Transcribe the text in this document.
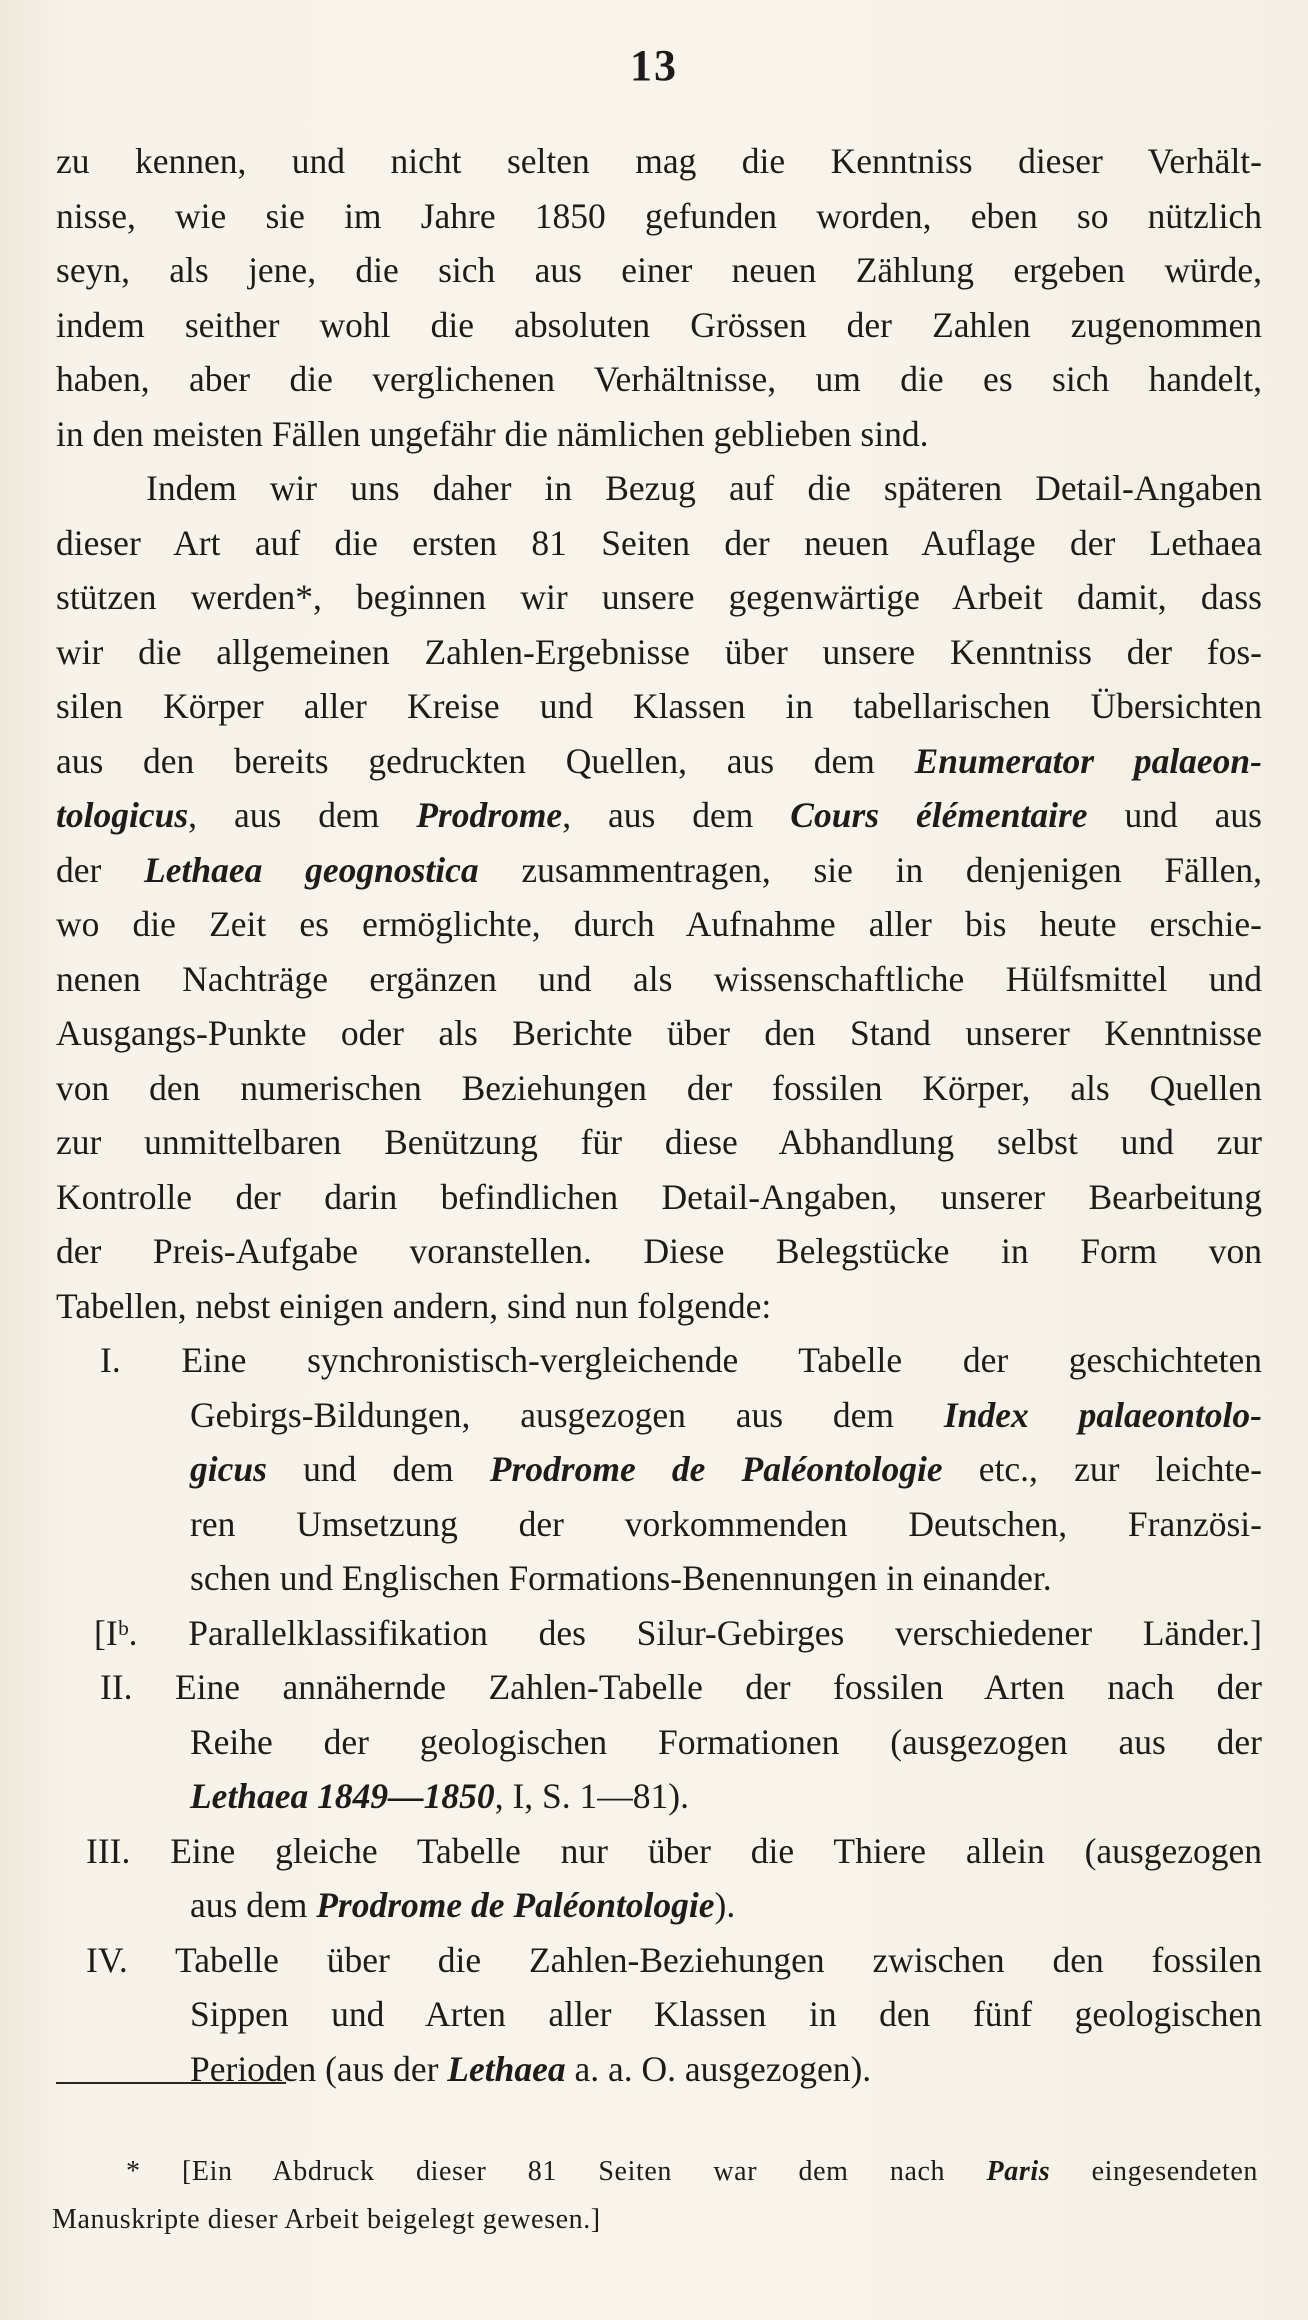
13
zu kennen, und nicht selten mag die Kenntniss dieser Verhält-
nisse, wie sie im Jahre 1850 gefunden worden, eben so nützlich
seyn, als jene, die sich aus einer neuen Zählung ergeben würde,
indem seither wohl die absoluten Grössen der Zahlen zugenommen
haben, aber die verglichenen Verhältnisse, um die es sich handelt,
in den meisten Fällen ungefähr die nämlichen geblieben sind.
Indem wir uns daher in Bezug auf die späteren Detail-Angaben
dieser Art auf die ersten 81 Seiten der neuen Auflage der Lethaea
stützen werden*, beginnen wir unsere gegenwärtige Arbeit damit, dass
wir die allgemeinen Zahlen-Ergebnisse über unsere Kenntniss der fos-
silen Körper aller Kreise und Klassen in tabellarischen Übersichten
aus den bereits gedruckten Quellen, aus dem Enumerator palaeon-
tologicus, aus dem Prodrome, aus dem Cours élémentaire und aus
der Lethaea geognostica zusammentragen, sie in denjenigen Fällen,
wo die Zeit es ermöglichte, durch Aufnahme aller bis heute erschie-
nenen Nachträge ergänzen und als wissenschaftliche Hülfsmittel und
Ausgangs-Punkte oder als Berichte über den Stand unserer Kenntnisse
von den numerischen Beziehungen der fossilen Körper, als Quellen
zur unmittelbaren Benützung für diese Abhandlung selbst und zur
Kontrolle der darin befindlichen Detail-Angaben, unserer Bearbeitung
der Preis-Aufgabe voranstellen. Diese Belegstücke in Form von
Tabellen, nebst einigen andern, sind nun folgende:
I. Eine synchronistisch-vergleichende Tabelle der geschichteten
Gebirgs-Bildungen, ausgezogen aus dem Index palaeontolo-
gicus und dem Prodrome de Paléontologie etc., zur leichte-
ren Umsetzung der vorkommenden Deutschen, Französi-
schen und Englischen Formations-Benennungen in einander.
[Iᵇ. Parallelklassifikation des Silur-Gebirges verschiedener Länder.]
II. Eine annähernde Zahlen-Tabelle der fossilen Arten nach der
Reihe der geologischen Formationen (ausgezogen aus der
Lethaea 1849—1850, I, S. 1—81).
III. Eine gleiche Tabelle nur über die Thiere allein (ausgezogen
aus dem Prodrome de Paléontologie).
IV. Tabelle über die Zahlen-Beziehungen zwischen den fossilen
Sippen und Arten aller Klassen in den fünf geologischen
Perioden (aus der Lethaea a. a. O. ausgezogen).
* [Ein Abdruck dieser 81 Seiten war dem nach Paris eingesendeten
Manuskripte dieser Arbeit beigelegt gewesen.]
